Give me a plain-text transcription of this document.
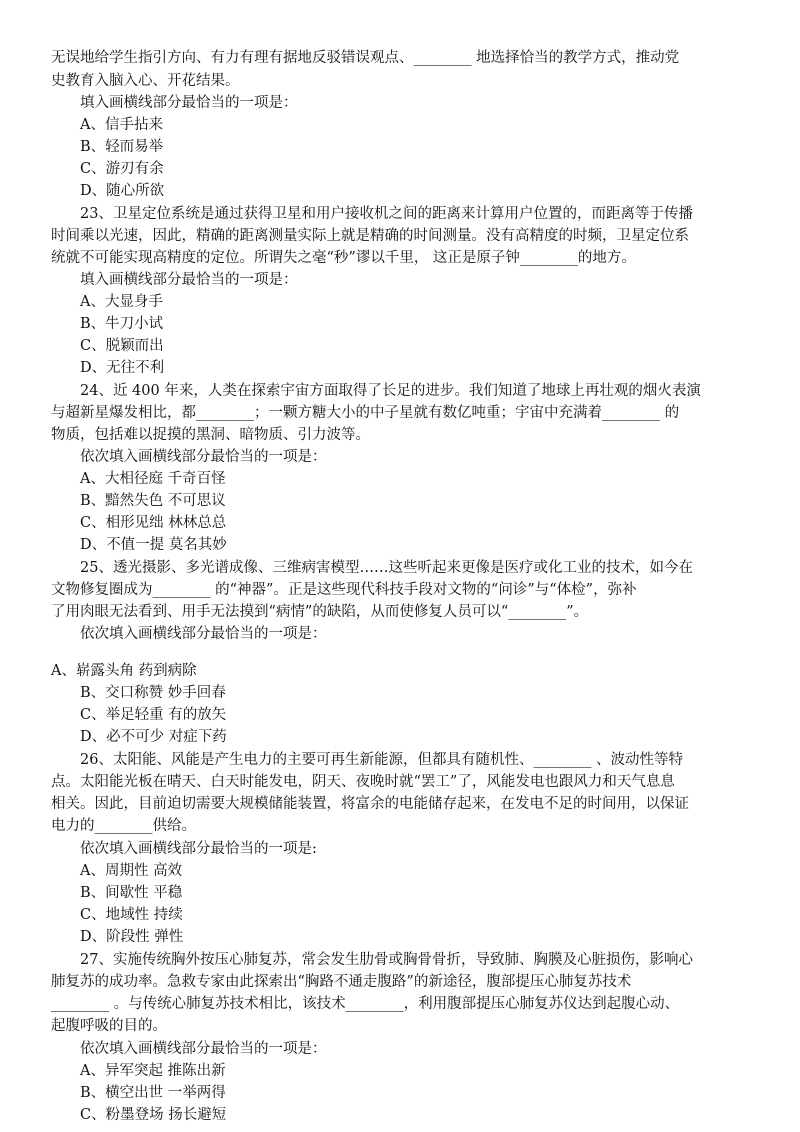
无误地给学生指引方向、有力有理有据地反驳错误观点、________ 地选择恰当的教学方式，推动党
史教育入脑入心、开花结果。
填入画横线部分最恰当的一项是：
A、信手拈来
B、轻而易举
C、游刃有余
D、随心所欲
23、卫星定位系统是通过获得卫星和用户接收机之间的距离来计算用户位置的，而距离等于传播
时间乘以光速，因此，精确的距离测量实际上就是精确的时间测量。没有高精度的时频，卫星定位系
统就不可能实现高精度的定位。所谓失之毫“秒”谬以千里， 这正是原子钟________的地方。
填入画横线部分最恰当的一项是：
A、大显身手
B、牛刀小试
C、脱颖而出
D、无往不利
24、近 400 年来，人类在探索宇宙方面取得了长足的进步。我们知道了地球上再壮观的烟火表演
与超新星爆发相比，都________；一颗方糖大小的中子星就有数亿吨重；宇宙中充满着________ 的
物质，包括难以捉摸的黑洞、暗物质、引力波等。
依次填入画横线部分最恰当的一项是：
A、大相径庭 千奇百怪
B、黯然失色 不可思议
C、相形见绌 林林总总
D、不值一提 莫名其妙
25、透光摄影、多光谱成像、三维病害模型……这些听起来更像是医疗或化工业的技术，如今在
文物修复圈成为________ 的“神器”。正是这些现代科技手段对文物的“问诊”与“体检”，弥补
了用肉眼无法看到、用手无法摸到“病情”的缺陷，从而使修复人员可以“________”。
依次填入画横线部分最恰当的一项是：
A、崭露头角 药到病除
B、交口称赞 妙手回春
C、举足轻重 有的放矢
D、必不可少 对症下药
26、太阳能、风能是产生电力的主要可再生新能源，但都具有随机性、________ 、波动性等特
点。太阳能光板在晴天、白天时能发电，阴天、夜晚时就“罢工”了，风能发电也跟风力和天气息息
相关。因此，目前迫切需要大规模储能装置，将富余的电能储存起来，在发电不足的时间用，以保证
电力的________供给。
依次填入画横线部分最恰当的一项是:
A、周期性 高效
B、间歇性 平稳
C、地域性 持续
D、阶段性 弹性
27、实施传统胸外按压心肺复苏，常会发生肋骨或胸骨骨折，导致肺、胸膜及心脏损伤，影响心
肺复苏的成功率。急救专家由此探索出“胸路不通走腹路”的新途径，腹部提压心肺复苏技术
________ 。与传统心肺复苏技术相比，该技术________，利用腹部提压心肺复苏仪达到起腹心动、
起腹呼吸的目的。
依次填入画横线部分最恰当的一项是：
A、异军突起 推陈出新
B、横空出世 一举两得
C、粉墨登场 扬长避短
